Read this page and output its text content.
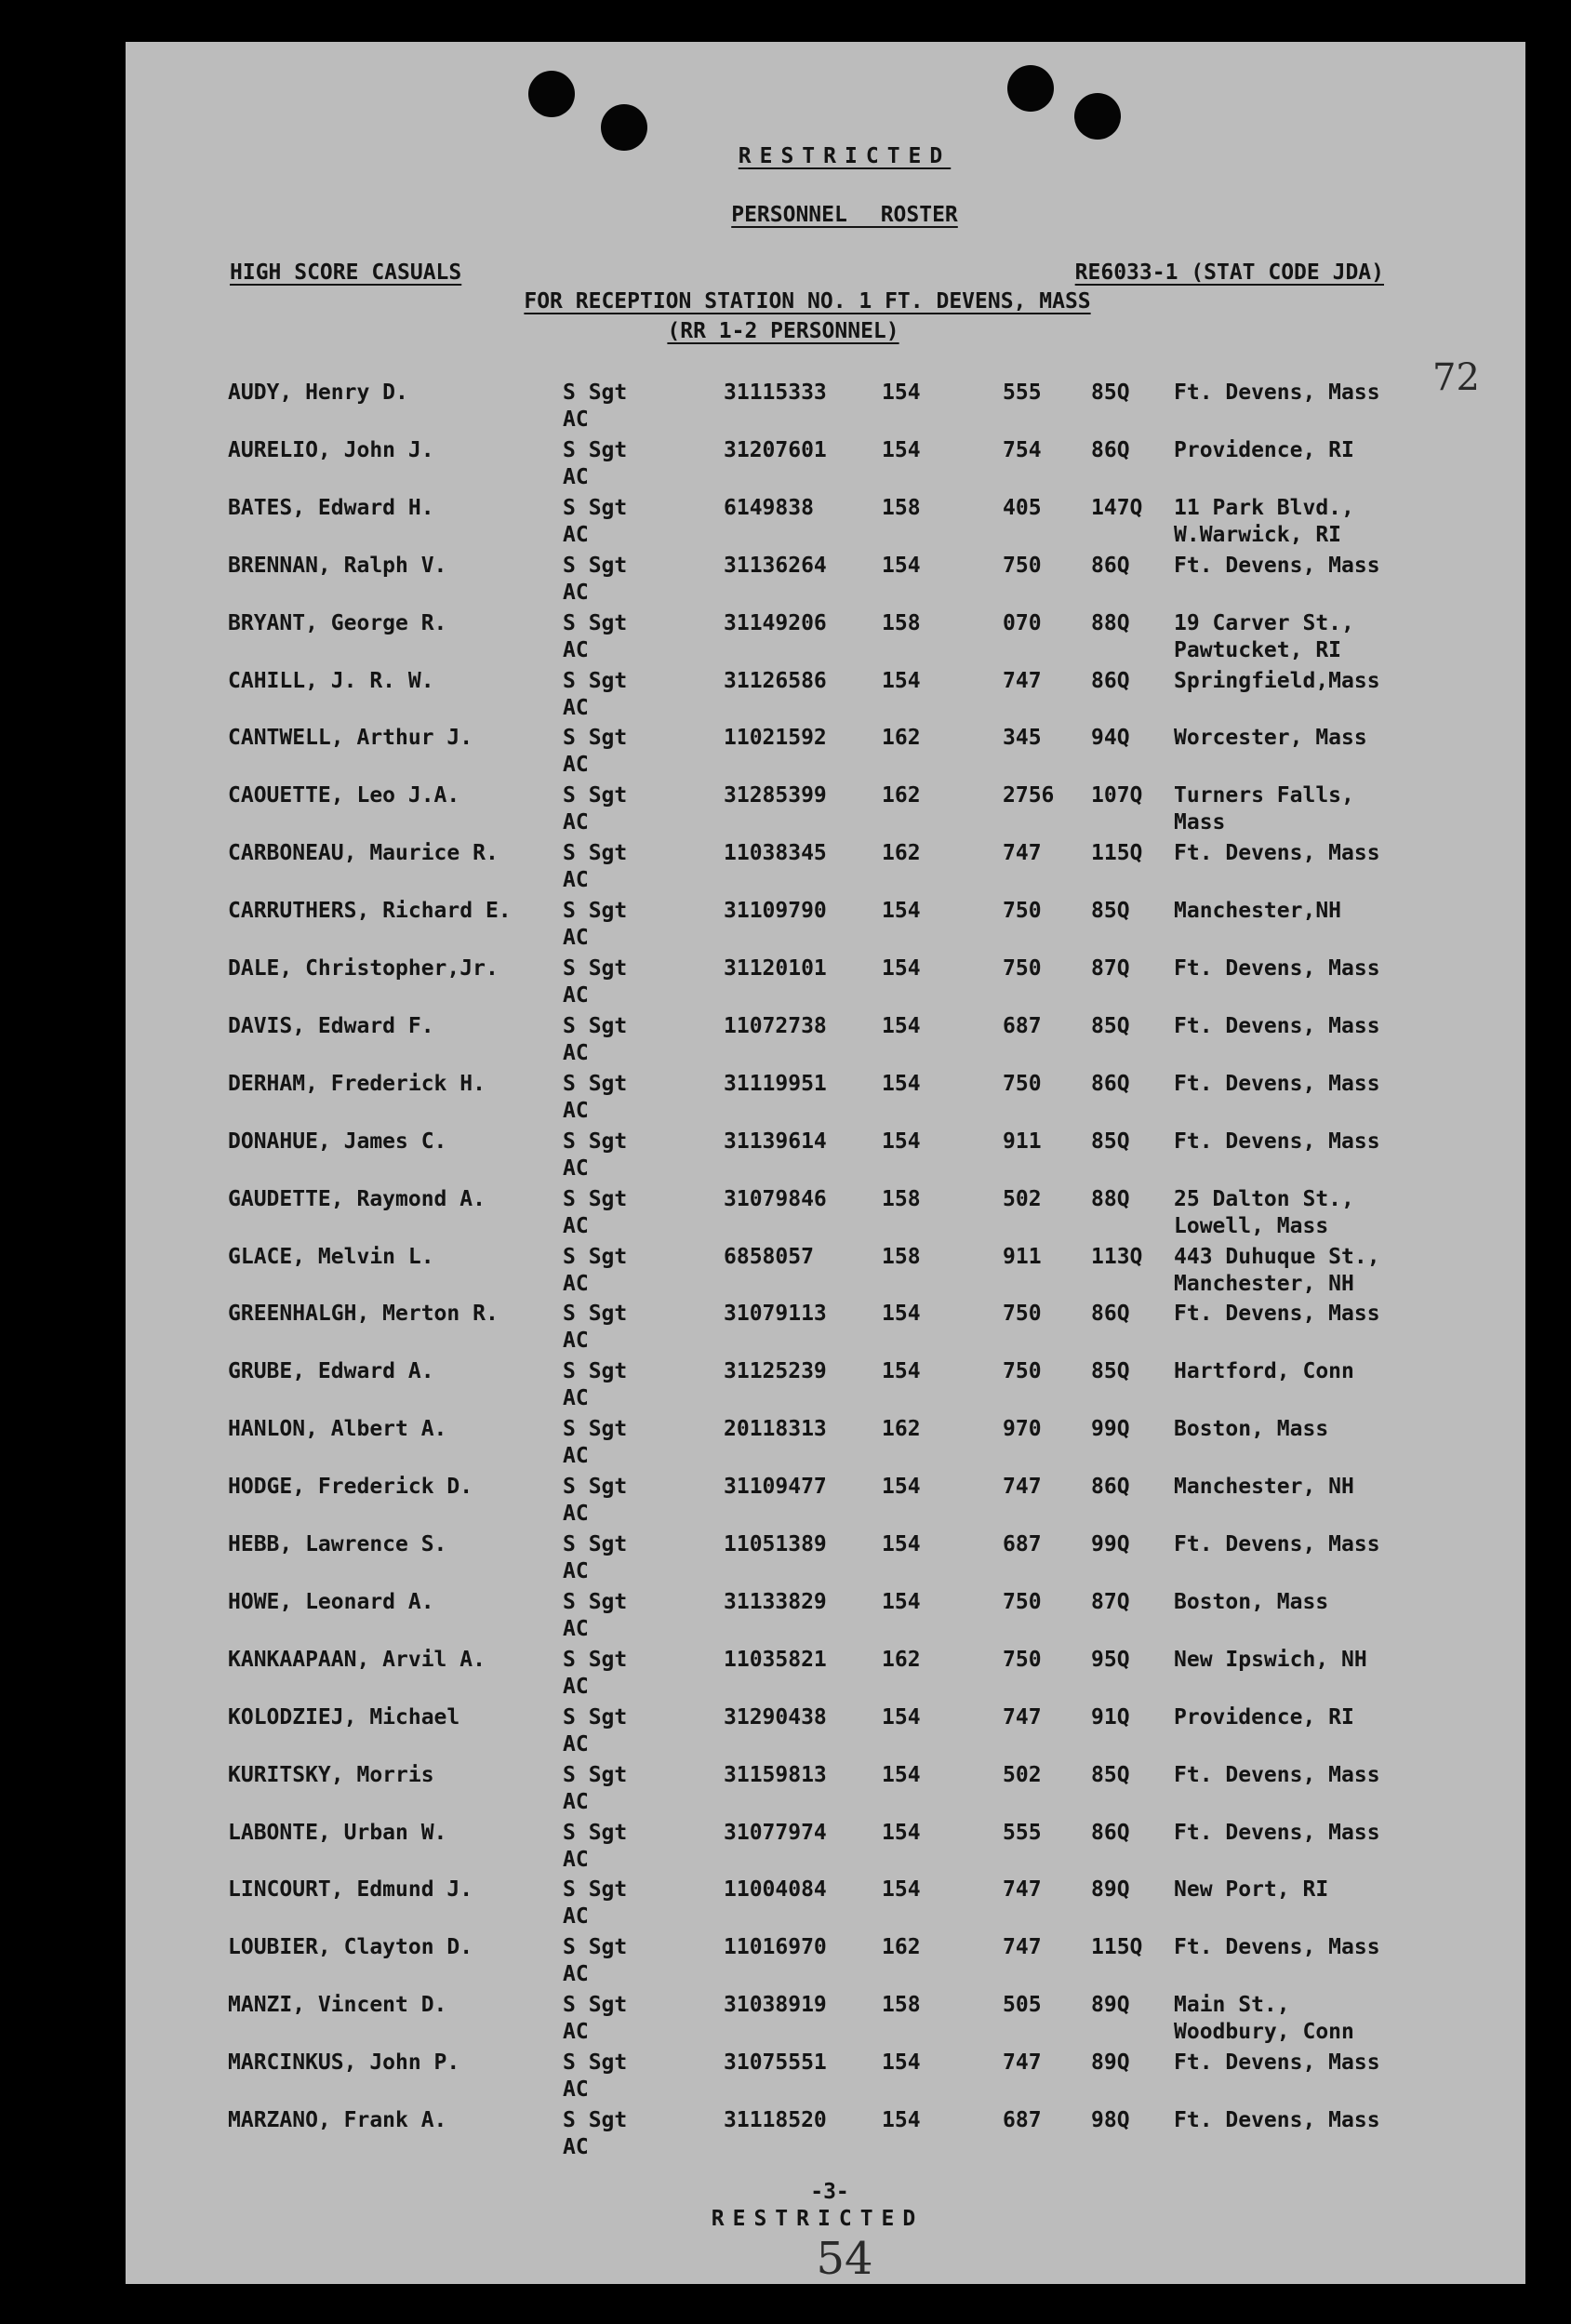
RESTRICTED
PERSONNEL ROSTER
HIGH SCORE CASUALS	RE6033-1 (STAT CODE JDA)
FOR RECEPTION STATION NO. 1 FT. DEVENS, MASS
(RR 1-2 PERSONNEL)
72
AUDY, Henry D.	S Sgt	31115333	154	555 85Q Ft. Devens, Mass
AC
AURELIO, John J.	S Sgt	31207601	154	754 86Q Providence, RI
AC
BATES, Edward H.	S Sgt	6149838	158	405 147Q 11 Park Blvd.,
AC	W.Warwick, RI
BRENNAN, Ralph V.	S Sgt	31136264	154	750 86Q Ft. Devens, Mass
AC
BRYANT, George R.	S Sgt	31149206	158	070 88Q 19 Carver St.,
AC	Pawtucket, RI
CAHILL, J. R. W.	S Sgt	31126586	154	747 86Q Springfield,Mass
AC
CANTWELL, Arthur J.	S Sgt	11021592	162	345 94Q Worcester, Mass
AC
CAOUETTE, Leo J.A.	S Sgt	31285399	162	2756 107Q Turners Falls,
AC	Mass
CARBONEAU, Maurice R.	S Sgt	11038345	162	747 115Q Ft. Devens, Mass
AC
CARRUTHERS, Richard E. S Sgt	31109790	154	750 85Q Manchester,NH
AC
DALE, Christopher,Jr.	S Sgt	31120101	154	750 87Q Ft. Devens, Mass
AC
DAVIS, Edward F.	S Sgt	11072738	154	687 85Q Ft. Devens, Mass
AC
DERHAM, Frederick H.	S Sgt	31119951	154	750 86Q Ft. Devens, Mass
AC
DONAHUE, James C.	S Sgt	31139614	154	911 85Q Ft. Devens, Mass
AC
GAUDETTE, Raymond A.	S Sgt	31079846	158	502 88Q 25 Dalton St.,
AC	Lowell, Mass
GLACE, Melvin L.	S Sgt	6858057	158	911 113Q 443 Duhuque St.,
AC	Manchester, NH
GREENHALGH, Merton R.	S Sgt	31079113	154	750 86Q Ft. Devens, Mass
AC
GRUBE, Edward A.	S Sgt	31125239	154	750 85Q Hartford, Conn
AC
HANLON, Albert A.	S Sgt	20118313	162	970 99Q Boston, Mass
AC
HODGE, Frederick D.	S Sgt	31109477	154	747 86Q Manchester, NH
AC
HEBB, Lawrence S.	S Sgt	11051389	154	687 99Q Ft. Devens, Mass
AC
HOWE, Leonard A.	S Sgt	31133829	154	750 87Q Boston, Mass
AC
KANKAAPAAN, Arvil A.	S Sgt	11035821	162	750 95Q New Ipswich, NH
AC
KOLODZIEJ, Michael	S Sgt	31290438	154	747 91Q Providence, RI
AC
KURITSKY, Morris	S Sgt	31159813	154	502 85Q Ft. Devens, Mass
AC
LABONTE, Urban W.	S Sgt	31077974	154	555 86Q Ft. Devens, Mass
AC
LINCOURT, Edmund J.	S Sgt	11004084	154	747 89Q New Port, RI
AC
LOUBIER, Clayton D.	S Sgt	11016970	162	747 115Q Ft. Devens, Mass
AC
MANZI, Vincent D.	S Sgt	31038919	158	505 89Q Main St.,
AC	Woodbury, Conn
MARCINKUS, John P.	S Sgt	31075551	154	747 89Q Ft. Devens, Mass
AC
MARZANO, Frank A.	S Sgt	31118520	154	687 98Q Ft. Devens, Mass
AC
-3-
RESTRICTED
54
